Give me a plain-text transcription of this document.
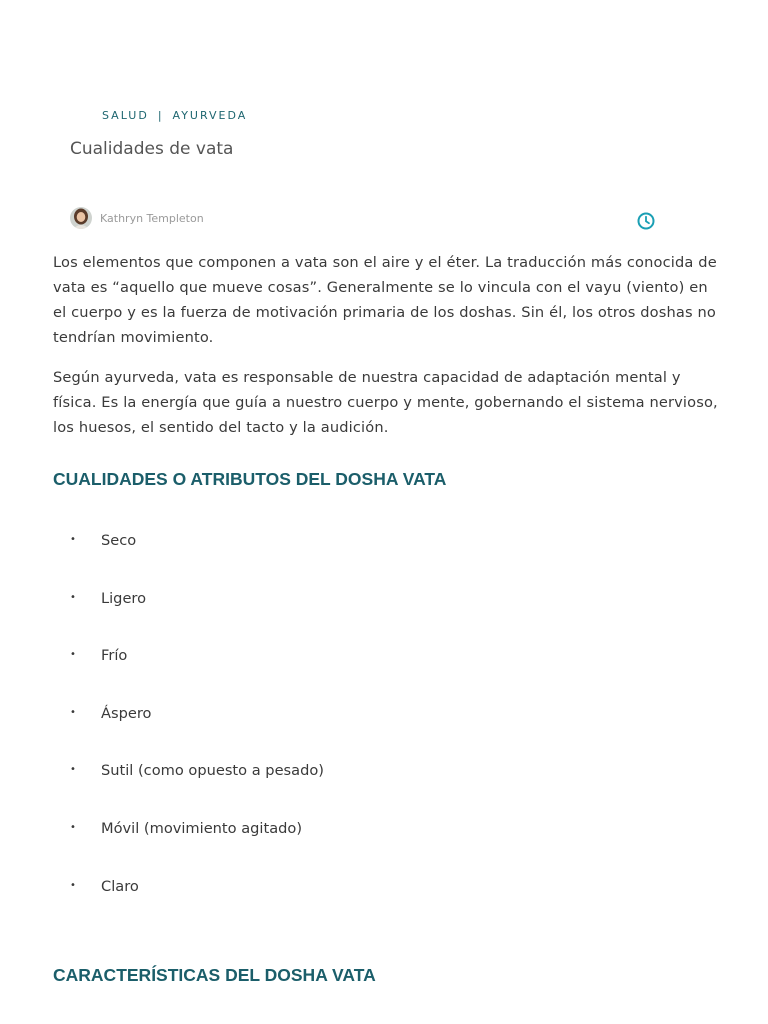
SALUD | AYURVEDA
Cualidades de vata
Kathryn Templeton

Los elementos que componen a vata son el aire y el éter. La traducción más conocida de vata es “aquello que mueve cosas”. Generalmente se lo vincula con el vayu (viento) en el cuerpo y es la fuerza de motivación primaria de los doshas. Sin él, los otros doshas no tendrían movimiento.

Según ayurveda, vata es responsable de nuestra capacidad de adaptación mental y física. Es la energía que guía a nuestro cuerpo y mente, gobernando el sistema nervioso, los huesos, el sentido del tacto y la audición.

CUALIDADES O ATRIBUTOS DEL DOSHA VATA
•	Seco
•	Ligero
•	Frío
•	Áspero
•	Sutil (como opuesto a pesado)
•	Móvil (movimiento agitado)
•	Claro
CARACTERÍSTICAS DEL DOSHA VATA
